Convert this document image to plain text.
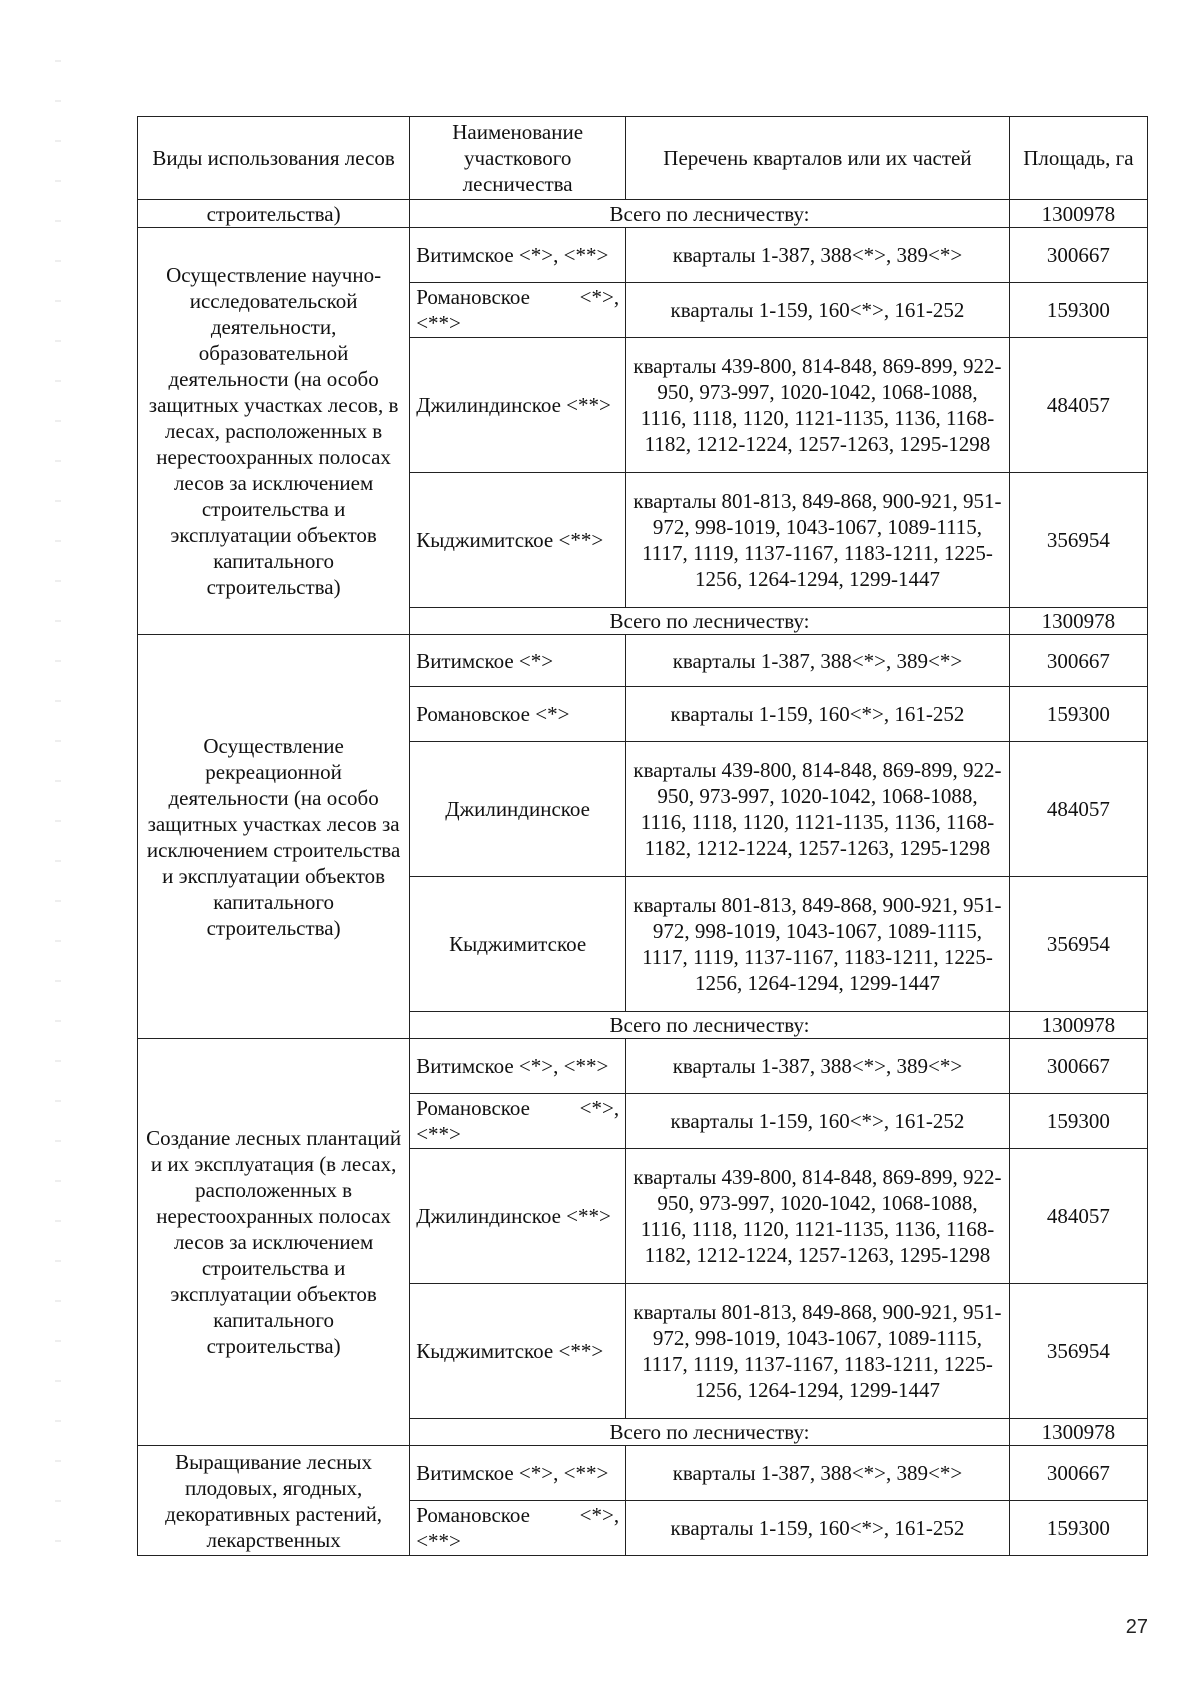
Виды использования лесов	Наименование участкового лесничества	Перечень кварталов или их частей	Площадь, га
строительства)	Всего по лесничеству:		1300978
Осуществление научно-исследовательской деятельности, образовательной деятельности (на особо защитных участках лесов, в лесах, расположенных в нерестоохранных полосах лесов за исключением строительства и эксплуатации объектов капитального строительства)	Витимское <*>, <**>	кварталы 1-387, 388<*>, 389<*>	300667
	Романовское <*>, <**>	кварталы 1-159, 160<*>, 161-252	159300
	Джилиндинское <**>	кварталы 439-800, 814-848, 869-899, 922-950, 973-997, 1020-1042, 1068-1088, 1116, 1118, 1120, 1121-1135, 1136, 1168-1182, 1212-1224, 1257-1263, 1295-1298	484057
	Кыджимитское <**>	кварталы 801-813, 849-868, 900-921, 951-972, 998-1019, 1043-1067, 1089-1115, 1117, 1119, 1137-1167, 1183-1211, 1225-1256, 1264-1294, 1299-1447	356954
	Всего по лесничеству:		1300978
Осуществление рекреационной деятельности (на особо защитных участках лесов за исключением строительства и эксплуатации объектов капитального строительства)	Витимское <*>	кварталы 1-387, 388<*>, 389<*>	300667
	Романовское <*>	кварталы 1-159, 160<*>, 161-252	159300
	Джилиндинское	кварталы 439-800, 814-848, 869-899, 922-950, 973-997, 1020-1042, 1068-1088, 1116, 1118, 1120, 1121-1135, 1136, 1168-1182, 1212-1224, 1257-1263, 1295-1298	484057
	Кыджимитское	кварталы 801-813, 849-868, 900-921, 951-972, 998-1019, 1043-1067, 1089-1115, 1117, 1119, 1137-1167, 1183-1211, 1225-1256, 1264-1294, 1299-1447	356954
	Всего по лесничеству:		1300978
Создание лесных плантаций и их эксплуатация (в лесах, расположенных в нерестоохранных полосах лесов за исключением строительства и эксплуатации объектов капитального строительства)	Витимское <*>, <**>	кварталы 1-387, 388<*>, 389<*>	300667
	Романовское <*>, <**>	кварталы 1-159, 160<*>, 161-252	159300
	Джилиндинское <**>	кварталы 439-800, 814-848, 869-899, 922-950, 973-997, 1020-1042, 1068-1088, 1116, 1118, 1120, 1121-1135, 1136, 1168-1182, 1212-1224, 1257-1263, 1295-1298	484057
	Кыджимитское <**>	кварталы 801-813, 849-868, 900-921, 951-972, 998-1019, 1043-1067, 1089-1115, 1117, 1119, 1137-1167, 1183-1211, 1225-1256, 1264-1294, 1299-1447	356954
	Всего по лесничеству:		1300978
Выращивание лесных плодовых, ягодных, декоративных растений, лекарственных	Витимское <*>, <**>	кварталы 1-387, 388<*>, 389<*>	300667
	Романовское <*>, <**>	кварталы 1-159, 160<*>, 161-252	159300
27
